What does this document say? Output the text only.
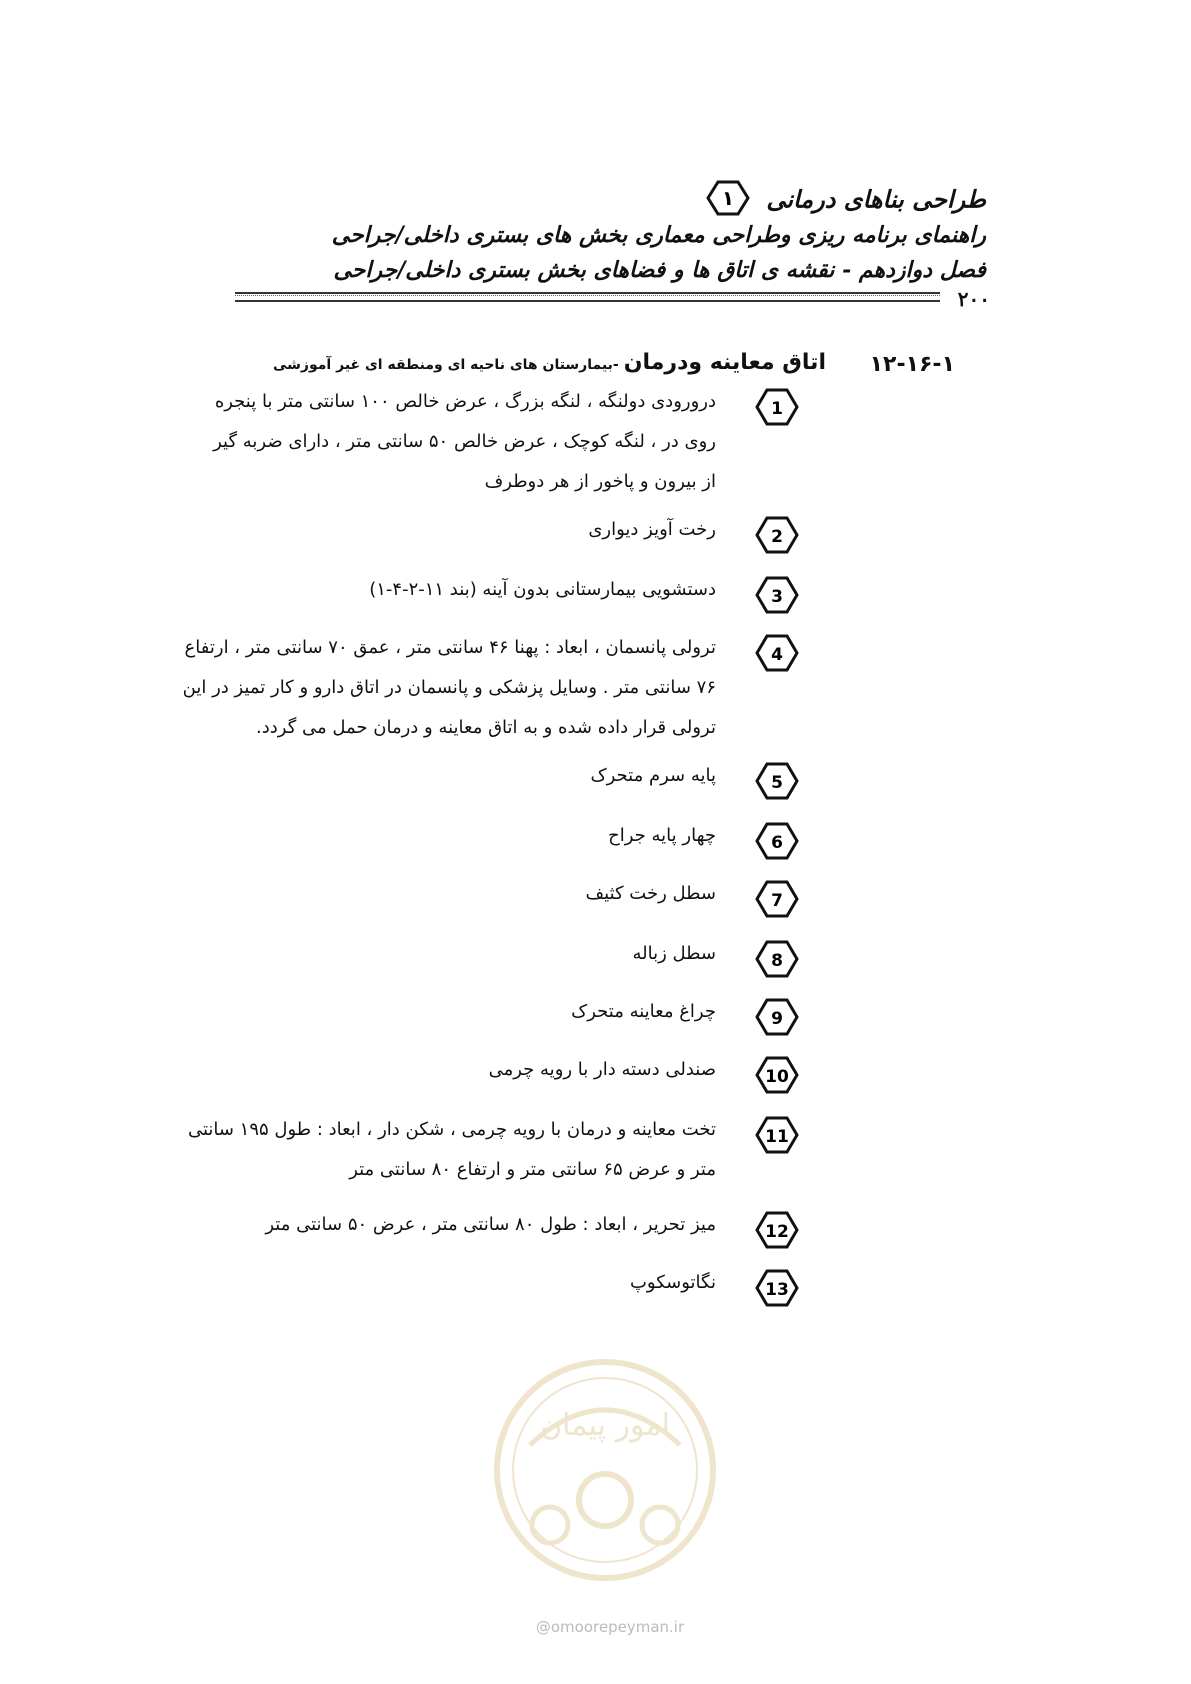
طراحی بناهای درمانی
۱
راهنمای برنامه ریزی وطراحی معماری بخش های بستری داخلی/جراحی
فصل دوازدهم - نقشه ی اتاق ها و فضاهای بخش بستری داخلی/جراحی
۲۰۰
۱۲-۱۶-۱
اتاق معاینه ودرمان -بیمارستان های ناحیه ای ومنطقه ای غیر آموزشی
1
درورودی دولنگه ، لنگه بزرگ ، عرض خالص ۱۰۰ سانتی متر با پنجره
روی در ، لنگه کوچک ، عرض خالص ۵۰ سانتی متر ، دارای ضربه گیر
از بیرون و پاخور از هر دوطرف
2
رخت آویز دیواری
3
دستشویی بیمارستانی بدون آینه (بند ۱۱-۲-۴-۱)
4
ترولی پانسمان ، ابعاد : پهنا ۴۶ سانتی متر ، عمق ۷۰ سانتی متر ، ارتفاع
۷۶ سانتی متر . وسایل پزشکی و پانسمان در اتاق دارو و کار تمیز در این
ترولی قرار داده شده و به اتاق معاینه و درمان حمل می گردد.
5
پایه سرم متحرک
6
چهار پایه جراح
7
سطل رخت کثیف
8
سطل زباله
9
چراغ معاینه متحرک
10
صندلی دسته دار با رویه چرمی
11
تخت معاینه و درمان با رویه چرمی ، شکن دار ، ابعاد : طول ۱۹۵ سانتی
متر و عرض ۶۵ سانتی متر و ارتفاع ۸۰ سانتی متر
12
میز تحریر ، ابعاد : طول ۸۰ سانتی متر ، عرض ۵۰ سانتی متر
13
نگاتوسکوپ
امور پیمان
@omoorepeyman.ir
